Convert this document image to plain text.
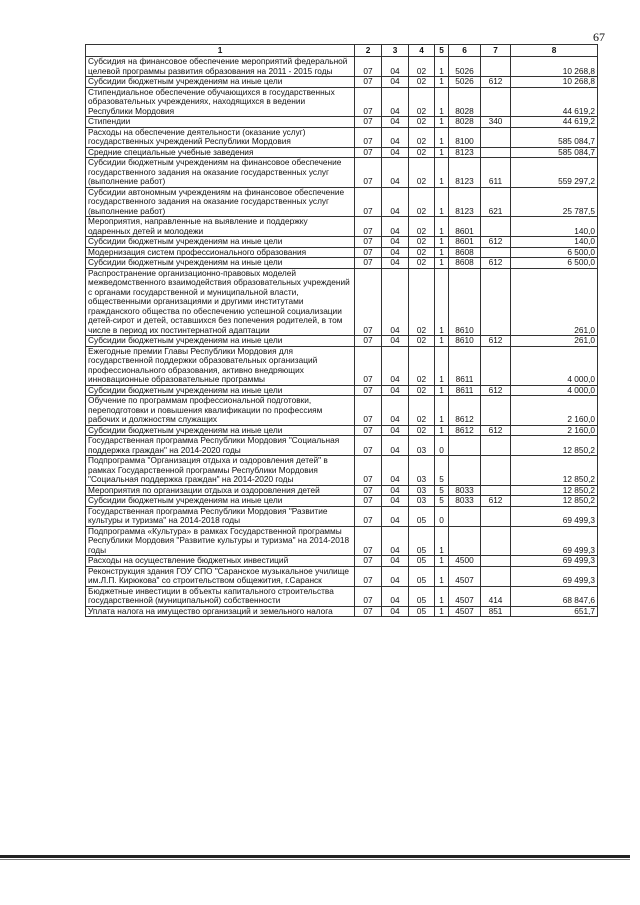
67
1	2	3	4	5	6	7	8
Субсидия на финансовое обеспечение мероприятий федеральной целевой программы развития образования на 2011 - 2015 годы	07	04	02	1	5026		10 268,8
Субсидии бюджетным учреждениям на иные цели	07	04	02	1	5026	612	10 268,8
Стипендиальное обеспечение обучающихся в государственных образовательных учреждениях, находящихся в ведении Республики Мордовия	07	04	02	1	8028		44 619,2
Стипендии	07	04	02	1	8028	340	44 619,2
Расходы на обеспечение деятельности (оказание услуг) государственных учреждений Республики Мордовия	07	04	02	1	8100		585 084,7
Средние специальные учебные заведения	07	04	02	1	8123		585 084,7
Субсидии бюджетным учреждениям на финансовое обеспечение государственного задания на оказание государственных услуг (выполнение работ)	07	04	02	1	8123	611	559 297,2
Субсидии автономным учреждениям на финансовое обеспечение государственного задания на оказание государственных услуг (выполнение работ)	07	04	02	1	8123	621	25 787,5
Мероприятия, направленные на выявление и поддержку одаренных детей и молодежи	07	04	02	1	8601		140,0
Субсидии бюджетным учреждениям на иные цели	07	04	02	1	8601	612	140,0
Модернизация систем профессионального образования	07	04	02	1	8608		6 500,0
Субсидии бюджетным учреждениям на иные цели	07	04	02	1	8608	612	6 500,0
Распространение организационно-правовых моделей межведомственного взаимодействия образовательных учреждений с органами государственной и муниципальной власти, общественными организациями и другими институтами гражданского общества по обеспечению успешной социализации детей-сирот и детей, оставшихся без попечения родителей, в том числе в период их постинтернатной адаптации	07	04	02	1	8610		261,0
Субсидии бюджетным учреждениям на иные цели	07	04	02	1	8610	612	261,0
Ежегодные премии Главы Республики Мордовия для государственной поддержки образовательных организаций профессионального образования, активно внедряющих инновационные образовательные программы	07	04	02	1	8611		4 000,0
Субсидии бюджетным учреждениям на иные цели	07	04	02	1	8611	612	4 000,0
Обучение по программам профессиональной подготовки, переподготовки и повышения квалификации по профессиям рабочих и должностям служащих	07	04	02	1	8612		2 160,0
Субсидии бюджетным учреждениям на иные цели	07	04	02	1	8612	612	2 160,0
Государственная программа Республики Мордовия "Социальная поддержка граждан" на 2014-2020 годы	07	04	03	0			12 850,2
Подпрограмма "Организация отдыха и оздоровления детей" в рамках Государственной программы Республики Мордовия "Социальная поддержка граждан" на 2014-2020 годы	07	04	03	5			12 850,2
Мероприятия по организации отдыха и оздоровления детей	07	04	03	5	8033		12 850,2
Субсидии бюджетным учреждениям на иные цели	07	04	03	5	8033	612	12 850,2
Государственная программа Республики Мордовия "Развитие культуры и туризма" на 2014-2018 годы	07	04	05	0			69 499,3
Подпрограмма «Культура» в рамках Государственной программы Республики Мордовия "Развитие культуры и туризма" на 2014-2018 годы	07	04	05	1			69 499,3
Расходы на осуществление бюджетных инвестиций	07	04	05	1	4500		69 499,3
Реконструкция здания ГОУ СПО "Саранское музыкальное училище им.Л.П. Кирюкова" со строительством общежития, г.Саранск	07	04	05	1	4507		69 499,3
Бюджетные инвестиции в объекты капитального строительства государственной (муниципальной) собственности	07	04	05	1	4507	414	68 847,6
Уплата налога на имущество организаций и земельного налога	07	04	05	1	4507	851	651,7
